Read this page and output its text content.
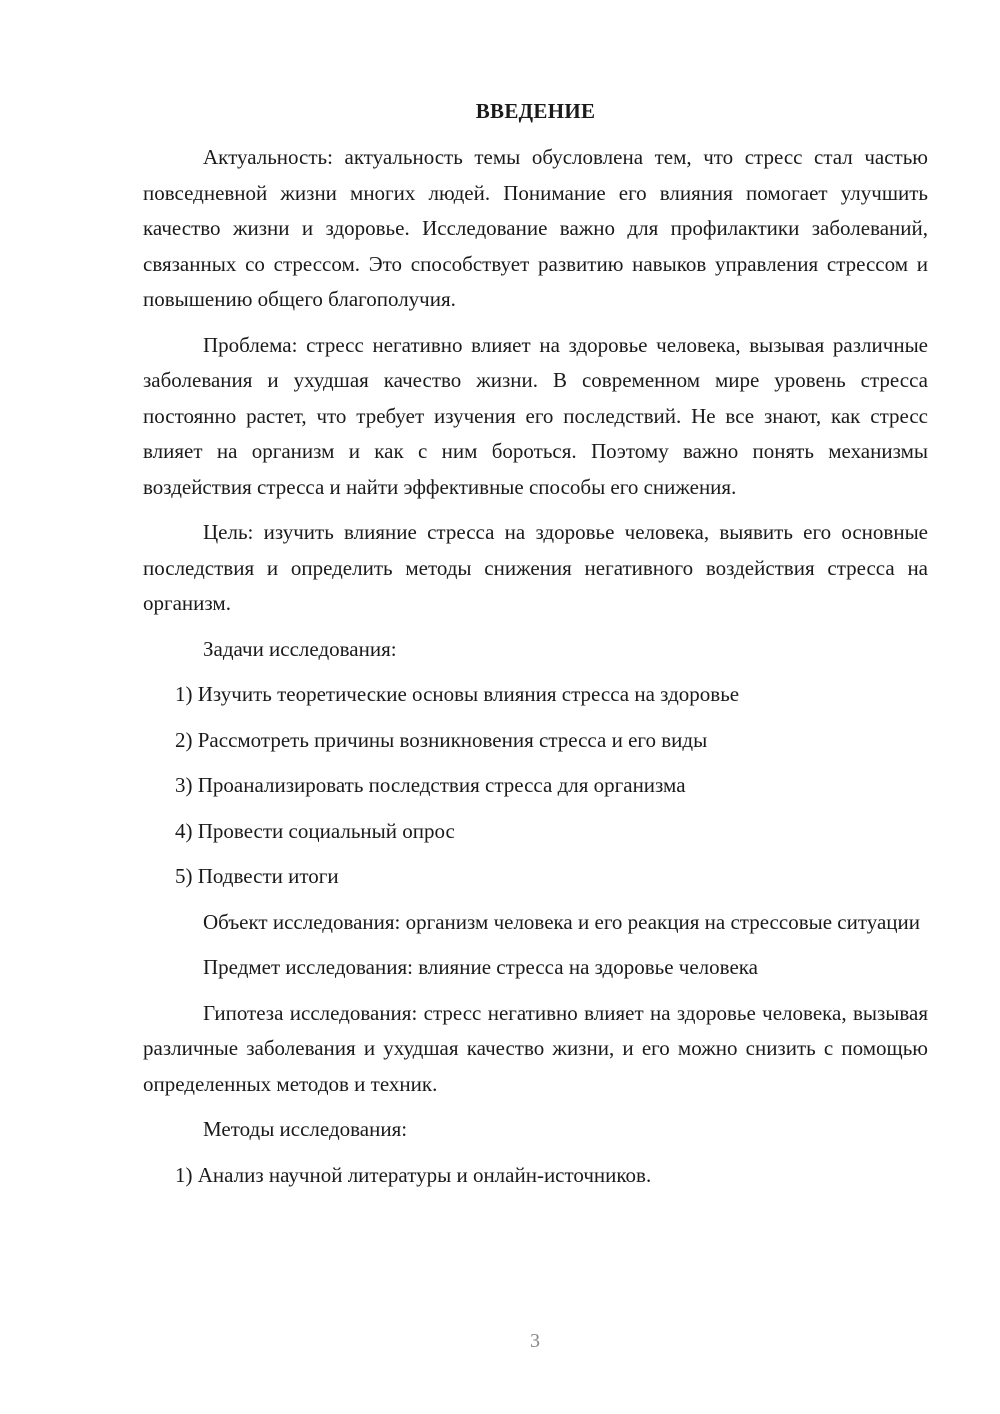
ВВЕДЕНИЕ

Актуальность: актуальность темы обусловлена тем, что стресс стал частью повседневной жизни многих людей. Понимание его влияния помогает улучшить качество жизни и здоровье. Исследование важно для профилактики заболеваний, связанных со стрессом. Это способствует развитию навыков управления стрессом и повышению общего благополучия.

Проблема: стресс негативно влияет на здоровье человека, вызывая различные заболевания и ухудшая качество жизни. В современном мире уровень стресса постоянно растет, что требует изучения его последствий. Не все знают, как стресс влияет на организм и как с ним бороться. Поэтому важно понять механизмы воздействия стресса и найти эффективные способы его снижения.

Цель: изучить влияние стресса на здоровье человека, выявить его основные последствия и определить методы снижения негативного воздействия стресса на организм.

Задачи исследования:

1) Изучить теоретические основы влияния стресса на здоровье
2) Рассмотреть причины возникновения стресса и его виды
3) Проанализировать последствия стресса для организма
4) Провести социальный опрос
5) Подвести итоги

Объект исследования: организм человека и его реакция на стрессовые ситуации

Предмет исследования: влияние стресса на здоровье человека

Гипотеза исследования: стресс негативно влияет на здоровье человека, вызывая различные заболевания и ухудшая качество жизни, и его можно снизить с помощью определенных методов и техник.

Методы исследования:

1) Анализ научной литературы и онлайн-источников.
3
